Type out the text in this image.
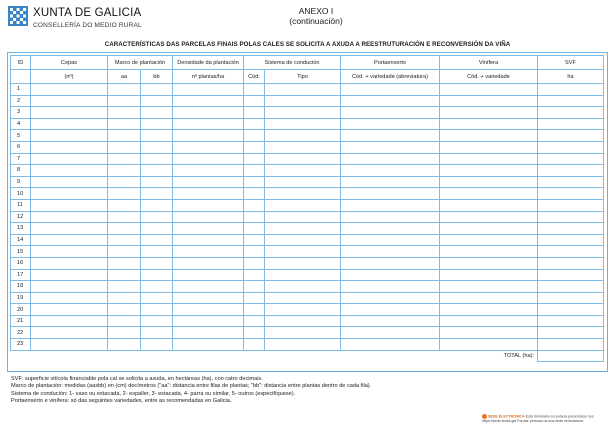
XUNTA DE GALICIA
CONSELLERÍA DO MEDIO RURAL
ANEXO I
(continuación)
CARACTERÍSTICAS DAS PARCELAS FINAIS POLAS CALES SE SOLICITA A AXUDA A REESTRUTURACIÓN E RECONVERSIÓN DA VIÑA
ID	Cepas	Marco de plantación		Densidade da plantación	Sistema de condución		Portaenxerto	Vinífera	SVF
	(nº)	aa	bb	nº plantas/ha	Cód.	Tipo	Cód. + variedade (abreviatura)	Cód. + variedade	ha
1					

2					

3					

4					

5					

6					

7					

8					

9					

10					

11					

12					

13					

14					

15					

16					

17					

18					

19					

20					

21					

22					

23					

								TOTAL (ha):	
SVF: superficie vitícola financiable pola cal se solicita a axuda, en hectáreas (ha), con catro decimais.
Marco de plantación: medidas (aaxbb) en (cm) decímetros ("aa": distancia entre filas de plantas; "bb": distancia entre plantas dentro de cada fila).
Sistema de condución: 1- vaso ou estacada, 2- espaller, 3- estacada, 4- parra ou similar, 5- outros (especifíquese).
Portaenxerto e vinífera: só das seguintes variedades, entre as recomendadas en Galicia.
SEDE ELECTRÓNICA Este formulario só poderá presentarse nos
https://sede.xunta.gal Formar persoas na súa sede rexistradora
